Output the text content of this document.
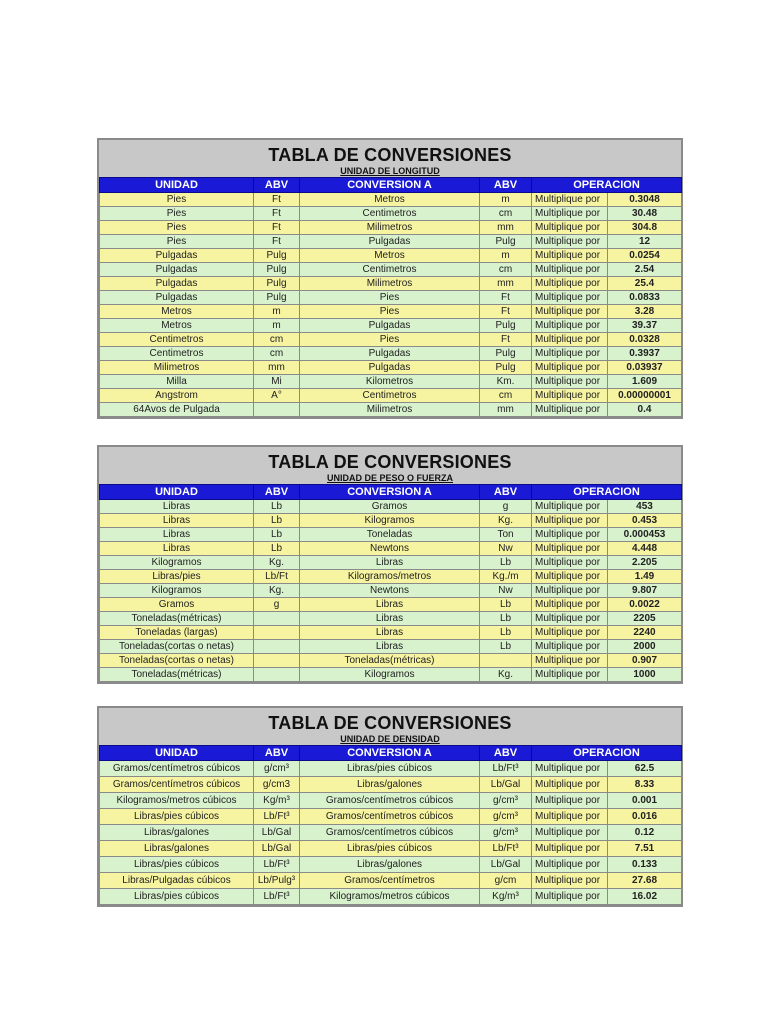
TABLA DE CONVERSIONES
UNIDAD DE LONGITUD
UNIDAD	ABV	CONVERSION A	ABV	OPERACION	
Pies	Ft	Metros	m	Multiplique por	0.3048
Pies	Ft	Centimetros	cm	Multiplique por	30.48
Pies	Ft	Milimetros	mm	Multiplique por	304.8
Pies	Ft	Pulgadas	Pulg	Multiplique por	12
Pulgadas	Pulg	Metros	m	Multiplique por	0.0254
Pulgadas	Pulg	Centimetros	cm	Multiplique por	2.54
Pulgadas	Pulg	Milimetros	mm	Multiplique por	25.4
Pulgadas	Pulg	Pies	Ft	Multiplique por	0.0833
Metros	m	Pies	Ft	Multiplique por	3.28
Metros	m	Pulgadas	Pulg	Multiplique por	39.37
Centimetros	cm	Pies	Ft	Multiplique por	0.0328
Centimetros	cm	Pulgadas	Pulg	Multiplique por	0.3937
Milimetros	mm	Pulgadas	Pulg	Multiplique por	0.03937
Milla	Mi	Kilometros	Km.	Multiplique por	1.609
Angstrom	A°	Centimetros	cm	Multiplique por	0.00000001
64Avos de Pulgada		Milimetros	mm	Multiplique por	0.4
TABLA DE CONVERSIONES
UNIDAD DE PESO O FUERZA
UNIDAD	ABV	CONVERSION A	ABV	OPERACION	
Libras	Lb	Gramos	g	Multiplique por	453
Libras	Lb	Kilogramos	Kg.	Multiplique por	0.453
Libras	Lb	Toneladas	Ton	Multiplique por	0.000453
Libras	Lb	Newtons	Nw	Multiplique por	4.448
Kilogramos	Kg.	Libras	Lb	Multiplique por	2.205
Libras/pies	Lb/Ft	Kilogramos/metros	Kg./m	Multiplique por	1.49
Kilogramos	Kg.	Newtons	Nw	Multiplique por	9.807
Gramos	g	Libras	Lb	Multiplique por	0.0022
Toneladas(métricas)		Libras	Lb	Multiplique por	2205
Toneladas (largas)		Libras	Lb	Multiplique por	2240
Toneladas(cortas o netas)		Libras	Lb	Multiplique por	2000
Toneladas(cortas o netas)		Toneladas(métricas)		Multiplique por	0.907
Toneladas(métricas)		Kilogramos	Kg.	Multiplique por	1000
TABLA DE CONVERSIONES
UNIDAD DE DENSIDAD
UNIDAD	ABV	CONVERSION A	ABV	OPERACION	
Gramos/centímetros cúbicos	g/cm³	Libras/pies cúbicos	Lb/Ft³	Multiplique por	62.5
Gramos/centímetros cúbicos	g/cm3	Libras/galones	Lb/Gal	Multiplique por	8.33
Kilogramos/metros cúbicos	Kg/m³	Gramos/centímetros cúbicos	g/cm³	Multiplique por	0.001
Libras/pies cúbicos	Lb/Ft³	Gramos/centímetros cúbicos	g/cm³	Multiplique por	0.016
Libras/galones	Lb/Gal	Gramos/centímetros cúbicos	g/cm³	Multiplique por	0.12
Libras/galones	Lb/Gal	Libras/pies cúbicos	Lb/Ft³	Multiplique por	7.51
Libras/pies cúbicos	Lb/Ft³	Libras/galones	Lb/Gal	Multiplique por	0.133
Libras/Pulgadas cúbicos	Lb/Pulg³	Gramos/centímetros	g/cm	Multiplique por	27.68
Libras/pies cúbicos	Lb/Ft³	Kilogramos/metros cúbicos	Kg/m³	Multiplique por	16.02
